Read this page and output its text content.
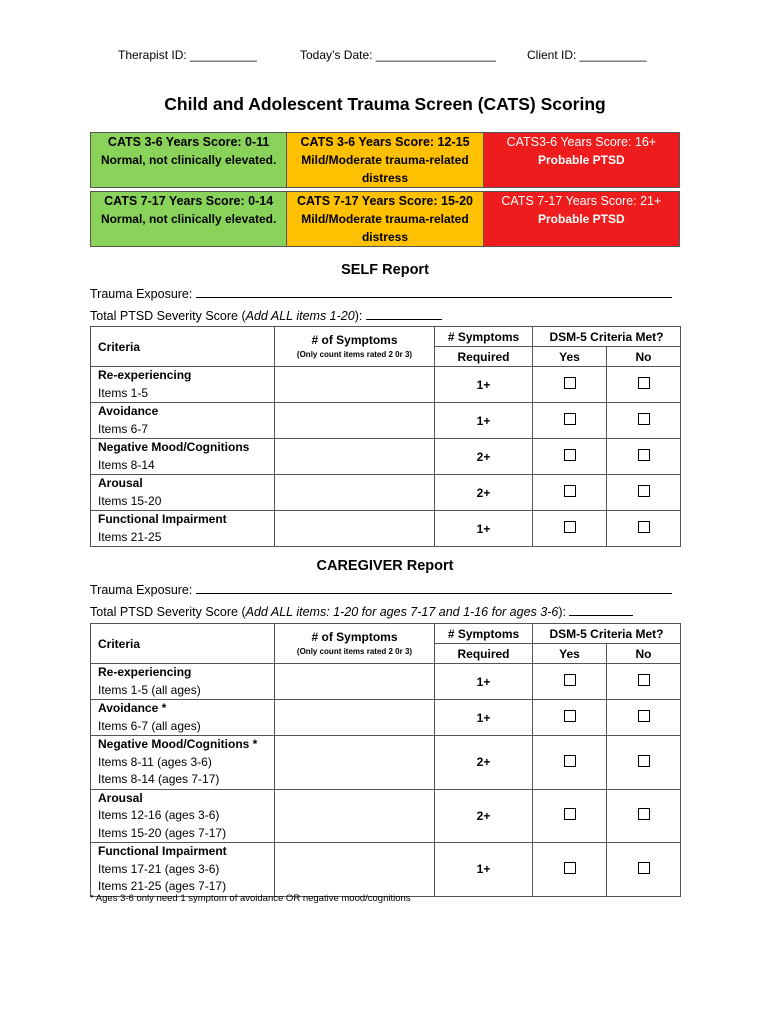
Therapist ID: __________	Today’s Date: __________________	Client ID: __________
Child and Adolescent Trauma Screen (CATS) Scoring
CATS 3-6 Years Score: 0-11
Normal, not clinically elevated.

CATS 3-6 Years Score: 12-15
Mild/Moderate trauma-related distress

CATS3-6 Years Score: 16+
Probable PTSD
CATS 7-17 Years Score: 0-14
Normal, not clinically elevated.

CATS 7-17 Years Score: 15-20
Mild/Moderate trauma-related distress

CATS 7-17 Years Score: 21+
Probable PTSD
SELF Report
Trauma Exposure:
Total PTSD Severity Score (Add ALL items 1-20):
Criteria	# of Symptoms
(Only count items rated 2 0r 3)	# Symptoms	DSM-5 Criteria Met?	
		Required	Yes	No

Re-experiencing
Items 1-5		1+		

Avoidance
Items 6-7		1+		

Negative Mood/Cognitions
Items 8-14		2+		

Arousal
Items 15-20		2+		

Functional Impairment
Items 21-25		1+		
CAREGIVER Report
Trauma Exposure:
Total PTSD Severity Score (Add ALL items: 1-20 for ages 7-17 and 1-16 for ages 3-6):
Criteria	# of Symptoms
(Only count items rated 2 0r 3)	# Symptoms	DSM-5 Criteria Met?	
		Required	Yes	No

Re-experiencing
Items 1-5 (all ages)		1+		

Avoidance *
Items 6-7 (all ages)		1+		

Negative Mood/Cognitions *
Items 8-11 (ages 3-6)
Items 8-14 (ages 7-17)		2+		

Arousal
Items 12-16 (ages 3-6)
Items 15-20 (ages 7-17)		2+		

Functional Impairment
Items 17-21 (ages 3-6)
Items 21-25 (ages 7-17)		1+		
* Ages 3-6 only need 1 symptom of avoidance OR negative mood/cognitions
